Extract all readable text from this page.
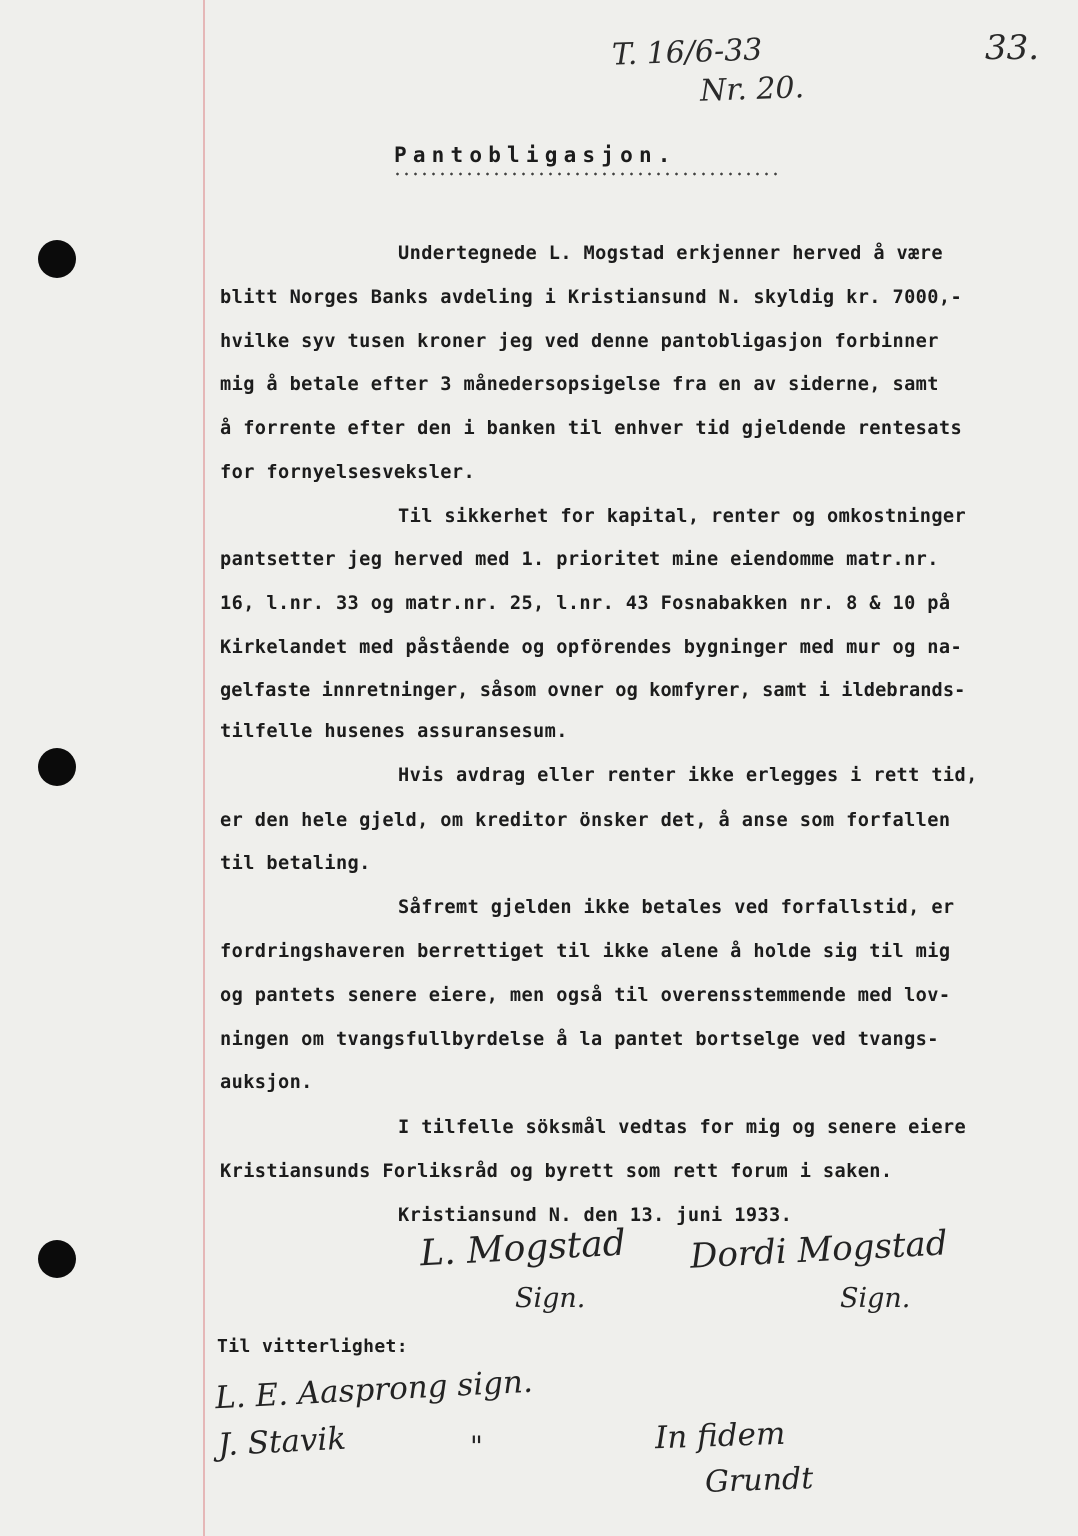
T. 16/6-33
Nr. 20.
33.
Pantobligasjon.
Undertegnede L. Mogstad erkjenner herved å være
blitt Norges Banks avdeling i Kristiansund N. skyldig kr. 7000,-
hvilke syv tusen kroner jeg ved denne pantobligasjon forbinner
mig å betale efter 3 månedersopsigelse fra en av siderne, samt
å forrente efter den i banken til enhver tid gjeldende rentesats
for fornyelsesveksler.
Til sikkerhet for kapital, renter og omkostninger
pantsetter jeg herved med 1. prioritet mine eiendomme matr.nr.
16, l.nr. 33 og matr.nr. 25, l.nr. 43 Fosnabakken nr. 8 & 10 på
Kirkelandet med påstående og opförendes bygninger med mur og na-
gelfaste innretninger, såsom ovner og komfyrer, samt i ildebrands-
tilfelle husenes assuransesum.
Hvis avdrag eller renter ikke erlegges i rett tid,
er den hele gjeld, om kreditor önsker det, å anse som forfallen
til betaling.
Såfremt gjelden ikke betales ved forfallstid, er
fordringshaveren berrettiget til ikke alene å holde sig til mig
og pantets senere eiere, men også til overensstemmende med lov-
ningen om tvangsfullbyrdelse å la pantet bortselge ved tvangs-
auksjon.
I tilfelle söksmål vedtas for mig og senere eiere
Kristiansunds Forliksråd og byrett som rett forum i saken.
Kristiansund N. den 13. juni 1933.
L. Mogstad
Sign.
Dordi Mogstad
Sign.
Til vitterlighet:
L. E. Aasprong sign.
J. Stavik	"	In fidem
Grundt
